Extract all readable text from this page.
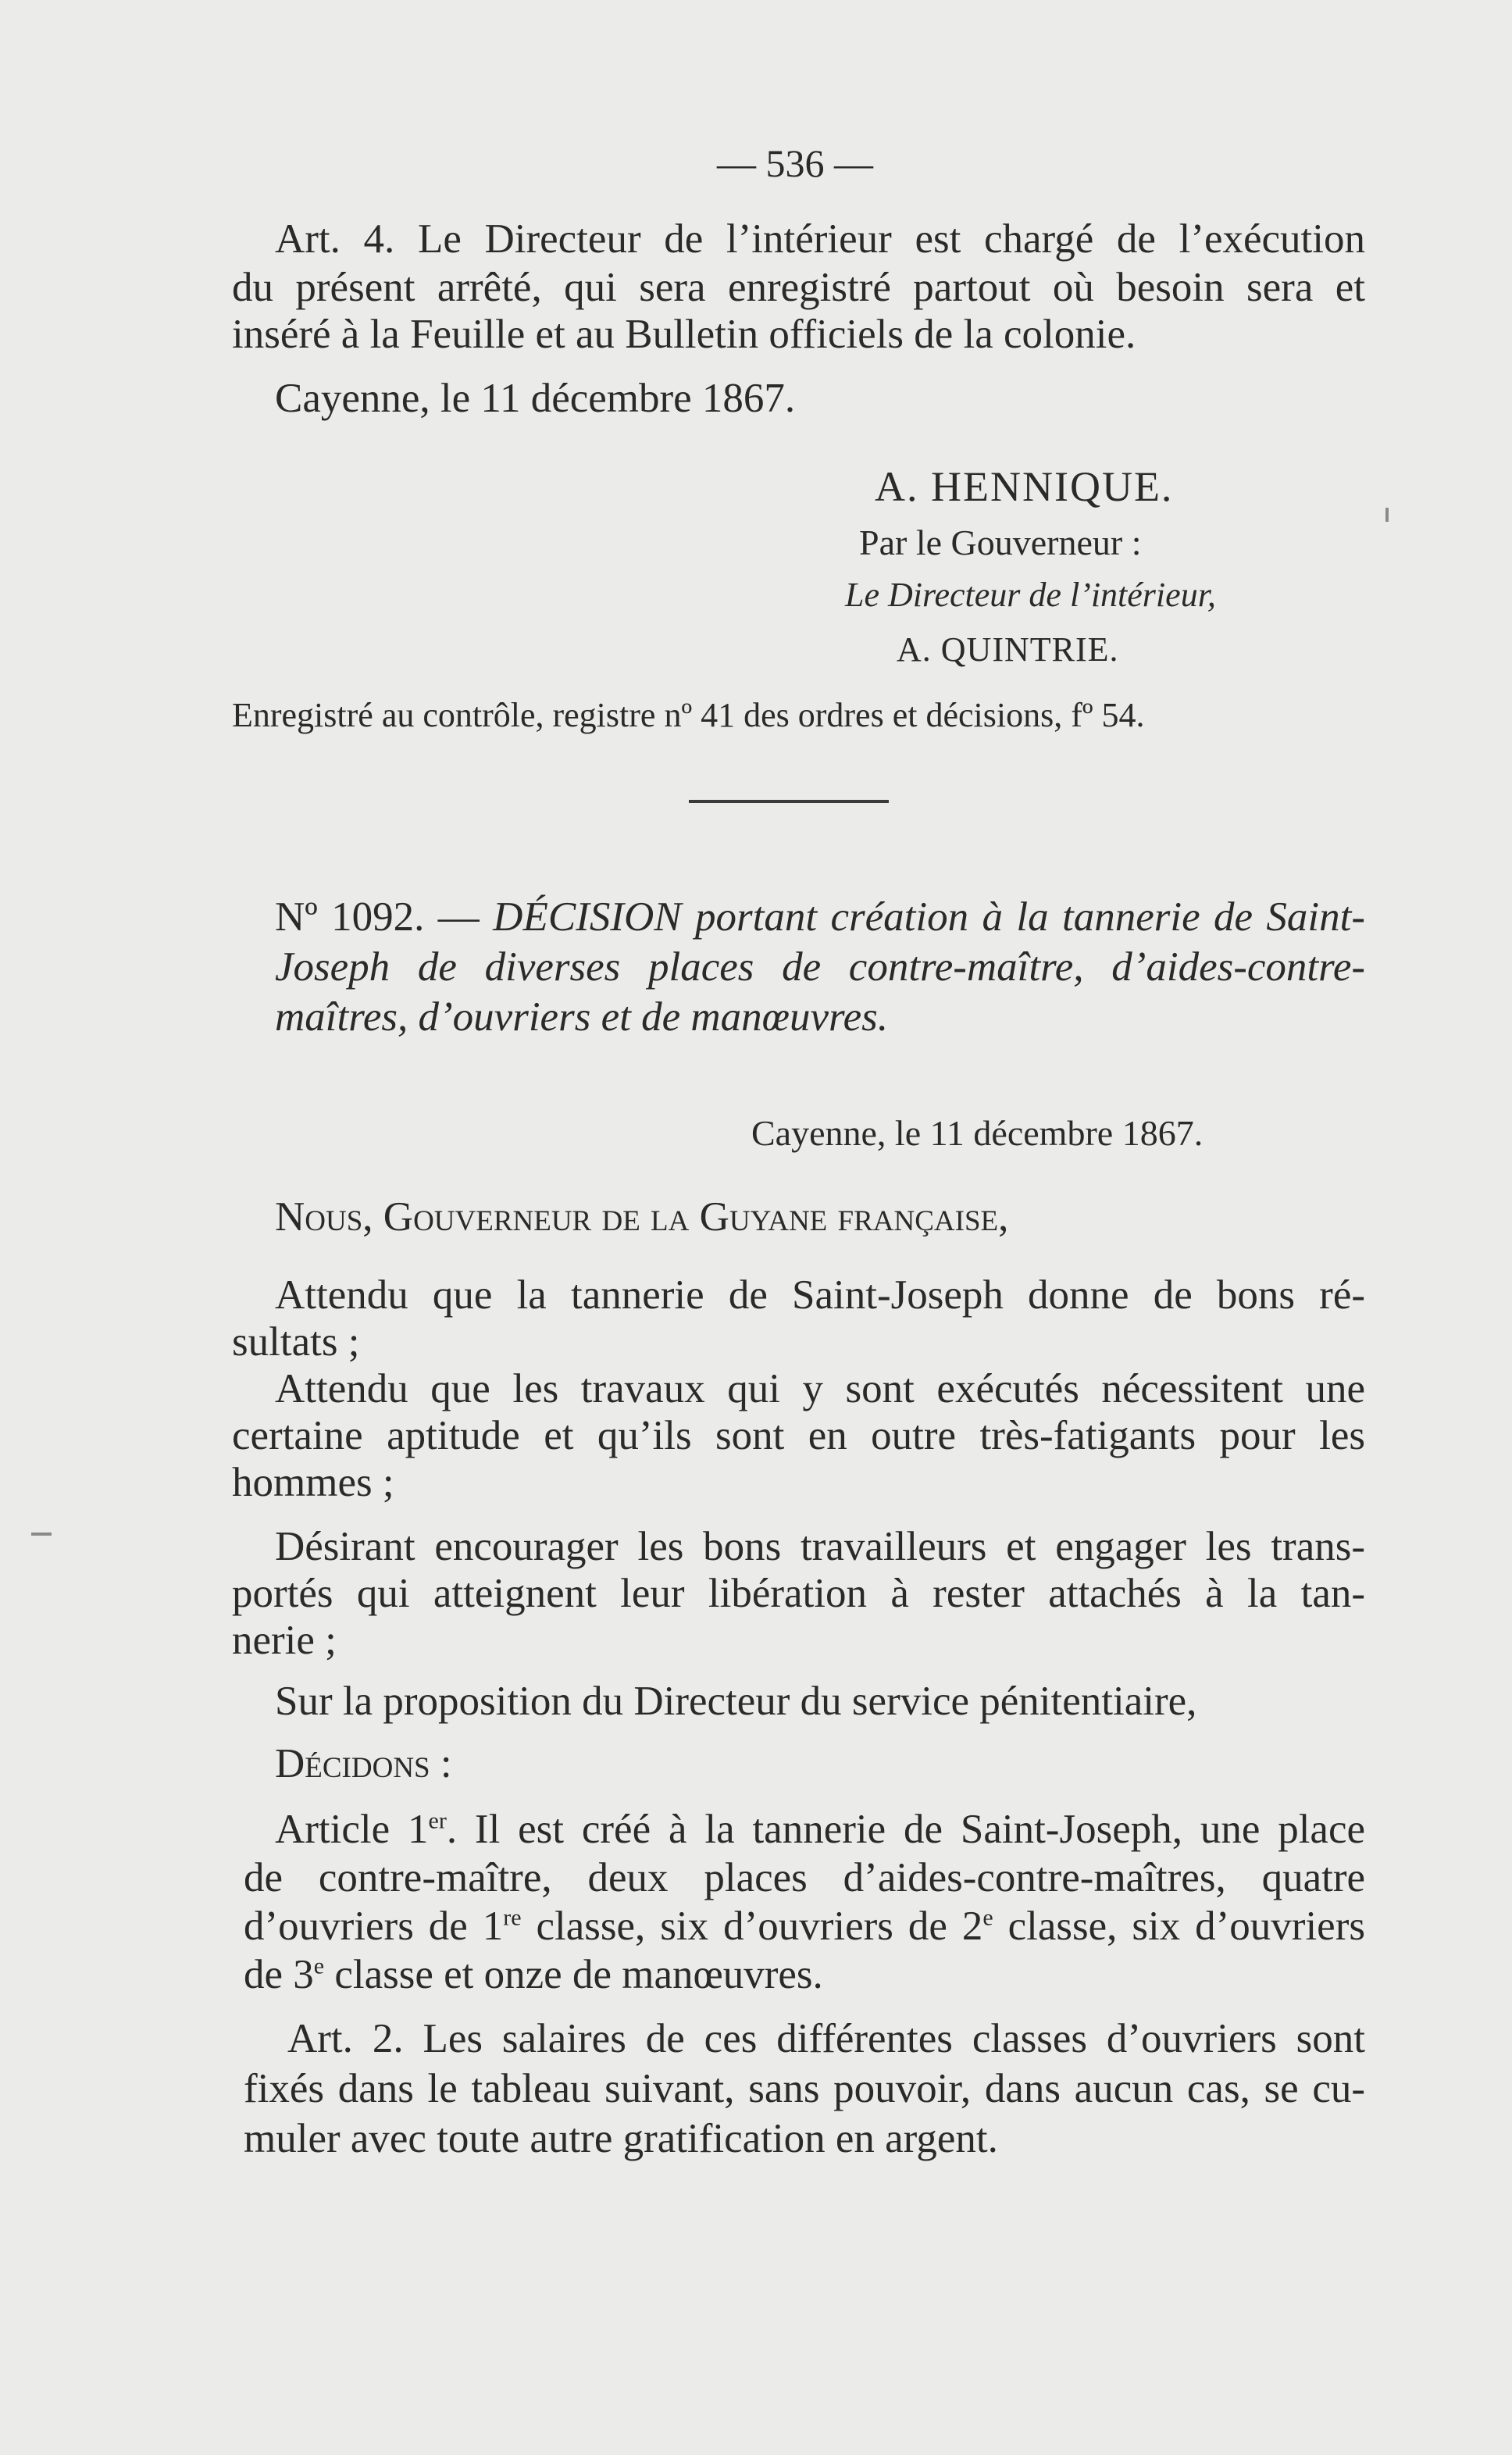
— 536 —
Art. 4. Le Directeur de l’intérieur est chargé de l’exécution
du présent arrêté, qui sera enregistré partout où besoin sera et
inséré à la Feuille et au Bulletin officiels de la colonie.
Cayenne, le 11 décembre 1867.
A. HENNIQUE.
Par le Gouverneur :
Le Directeur de l’intérieur,
A. QUINTRIE.
Enregistré au contrôle, registre nº 41 des ordres et décisions, fº 54.
Nº 1092. — DÉCISION portant création à la tannerie de Saint-
Joseph de diverses places de contre-maître, d’aides-contre-
maîtres, d’ouvriers et de manœuvres.
Cayenne, le 11 décembre 1867.
Nous, Gouverneur de la Guyane française,
Attendu que la tannerie de Saint-Joseph donne de bons ré-
sultats ;
Attendu que les travaux qui y sont exécutés nécessitent une
certaine aptitude et qu’ils sont en outre très-fatigants pour les
hommes ;
Désirant encourager les bons travailleurs et engager les trans-
portés qui atteignent leur libération à rester attachés à la tan-
nerie ;
Sur la proposition du Directeur du service pénitentiaire,
Décidons :
Article 1er. Il est créé à la tannerie de Saint-Joseph, une place
de contre-maître, deux places d’aides-contre-maîtres, quatre
d’ouvriers de 1re classe, six d’ouvriers de 2e classe, six d’ouvriers
de 3e classe et onze de manœuvres.
Art. 2. Les salaires de ces différentes classes d’ouvriers sont
fixés dans le tableau suivant, sans pouvoir, dans aucun cas, se cu-
muler avec toute autre gratification en argent.
